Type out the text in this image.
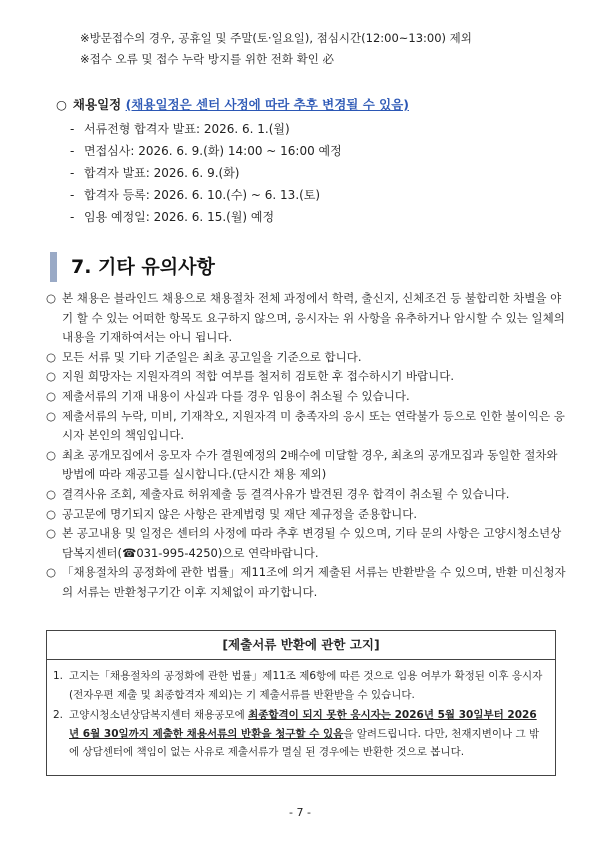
※방문접수의 경우, 공휴일 및 주말(토·일요일), 점심시간(12:00~13:00) 제외
※접수 오류 및 접수 누락 방지를 위한 전화 확인 必
○ 채용일정 (채용일정은 센터 사정에 따라 추후 변경될 수 있음)
- 서류전형 합격자 발표: 2026. 6. 1.(월)
- 면접심사: 2026. 6. 9.(화) 14:00 ~ 16:00 예정
- 합격자 발표: 2026. 6. 9.(화)
- 합격자 등록: 2026. 6. 10.(수) ~ 6. 13.(토)
- 임용 예정일: 2026. 6. 15.(월) 예정
7. 기타 유의사항
○ 본 채용은 블라인드 채용으로 채용절차 전체 과정에서 학력, 출신지, 신체조건 등 불합리한 차별을 야기 할 수 있는 어떠한 항목도 요구하지 않으며, 응시자는 위 사항을 유추하거나 암시할 수 있는 일체의 내용을 기재하여서는 아니 됩니다.
○ 모든 서류 및 기타 기준일은 최초 공고일을 기준으로 합니다.
○ 지원 희망자는 지원자격의 적합 여부를 철저히 검토한 후 접수하시기 바랍니다.
○ 제출서류의 기재 내용이 사실과 다를 경우 임용이 취소될 수 있습니다.
○ 제출서류의 누락, 미비, 기재착오, 지원자격 미 충족자의 응시 또는 연락불가 등으로 인한 불이익은 응시자 본인의 책임입니다.
○ 최초 공개모집에서 응모자 수가 결원예정의 2배수에 미달할 경우, 최초의 공개모집과 동일한 절차와 방법에 따라 재공고를 실시합니다.(단시간 채용 제외)
○ 결격사유 조회, 제출자료 허위제출 등 결격사유가 발견된 경우 합격이 취소될 수 있습니다.
○ 공고문에 명기되지 않은 사항은 관계법령 및 재단 제규정을 준용합니다.
○ 본 공고내용 및 일정은 센터의 사정에 따라 추후 변경될 수 있으며, 기타 문의 사항은 고양시청소년상담복지센터(☎031-995-4250)으로 연락바랍니다.
○ 「채용절차의 공정화에 관한 법률」제11조에 의거 제출된 서류는 반환받을 수 있으며, 반환 미신청자의 서류는 반환청구기간 이후 지체없이 파기합니다.
[제출서류 반환에 관한 고지]
1. 고지는「채용절차의 공정화에 관한 법률」제11조 제6항에 따른 것으로 임용 여부가 확정된 이후 응시자(전자우편 제출 및 최종합격자 제외)는 기 제출서류를 반환받을 수 있습니다.
2. 고양시청소년상담복지센터 채용공모에 최종합격이 되지 못한 응시자는 2026년 5월 30일부터 2026년 6월 30일까지 제출한 채용서류의 반환을 청구할 수 있음을 알려드립니다. 다만, 천재지변이나 그 밖에 상담센터에 책임이 없는 사유로 제출서류가 멸실 된 경우에는 반환한 것으로 봅니다.
- 7 -
